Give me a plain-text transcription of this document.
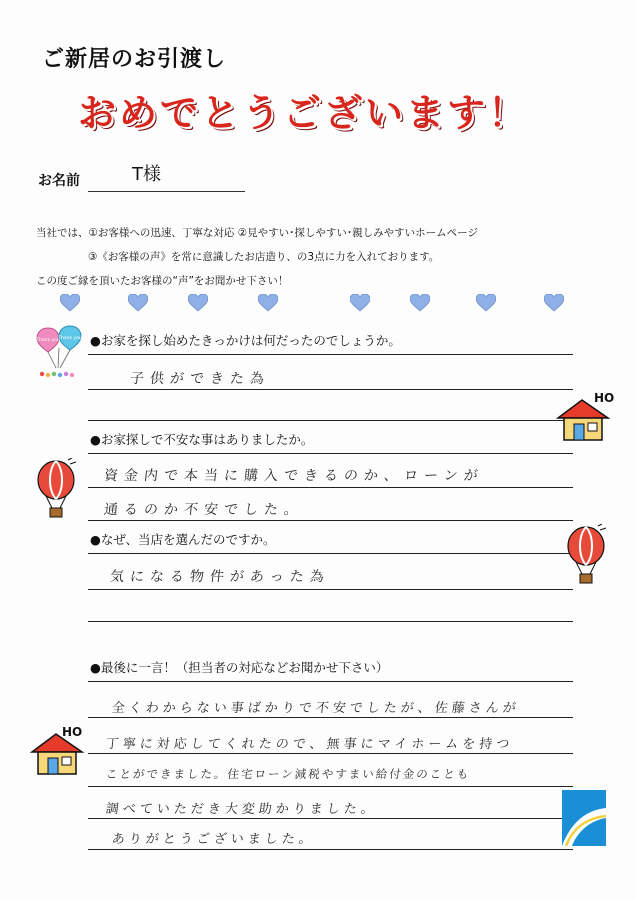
ご新居のお引渡し
おめでとうございます！
お名前	T様
当社では、①お客様への迅速、丁寧な対応 ②見やすい･探しやすい･親しみやすいホームページ
③《お客様の声》を常に意識したお店造り、の3点に力を入れております。
この度ご縁を頂いたお客様の“声”をお聞かせ下さい！
Thank you
Thank you ●お家を探し始めたきっかけは何だったのでしょうか。
子供ができた為
HO
●お家探しで不安な事はありましたか。
資金内で本当に購入できるのか、ローンが
通るのか不安でした。
●なぜ、当店を選んだのですか。
気になる物件があった為
●最後に一言！（担当者の対応などお聞かせ下さい）
全くわからない事ばかりで不安でしたが、佐藤さんが
丁寧に対応してくれたので、無事にマイホームを持つ
ことができました。住宅ローン減税やすまい給付金のことも
調べていただき大変助かりました。
ありがとうございました。
HO
